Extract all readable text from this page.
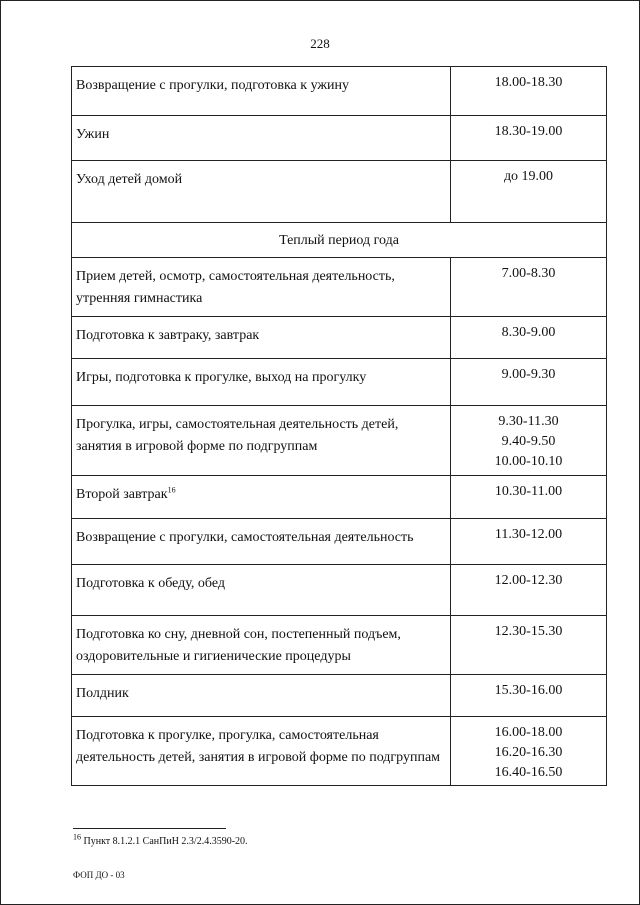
228
Возвращение с прогулки, подготовка к ужину	18.00-18.30

Ужин	18.30-19.00

Уход детей домой	до 19.00

Теплый период года	

Прием детей, осмотр, самостоятельная деятельность, утренняя гимнастика	7.00-8.30

Подготовка к завтраку, завтрак	8.30-9.00

Игры, подготовка к прогулке, выход на прогулку	9.00-9.30

Прогулка, игры, самостоятельная деятельность детей, занятия в игровой форме по подгруппам	9.30-11.30
9.40-9.50
10.00-10.10

Второй завтрак$^{16}$	10.30-11.00

Возвращение с прогулки, самостоятельная деятельность	11.30-12.00

Подготовка к обеду, обед	12.00-12.30

Подготовка ко сну, дневной сон, постепенный подъем, оздоровительные и гигиенические процедуры	12.30-15.30

Полдник	15.30-16.00

Подготовка к прогулке, прогулка, самостоятельная деятельность детей, занятия в игровой форме по подгруппам	16.00-18.00
16.20-16.30
16.40-16.50
$^{16}$ Пункт 8.1.2.1 СанПиН 2.3/2.4.3590-20.
ФОП ДО - 03
